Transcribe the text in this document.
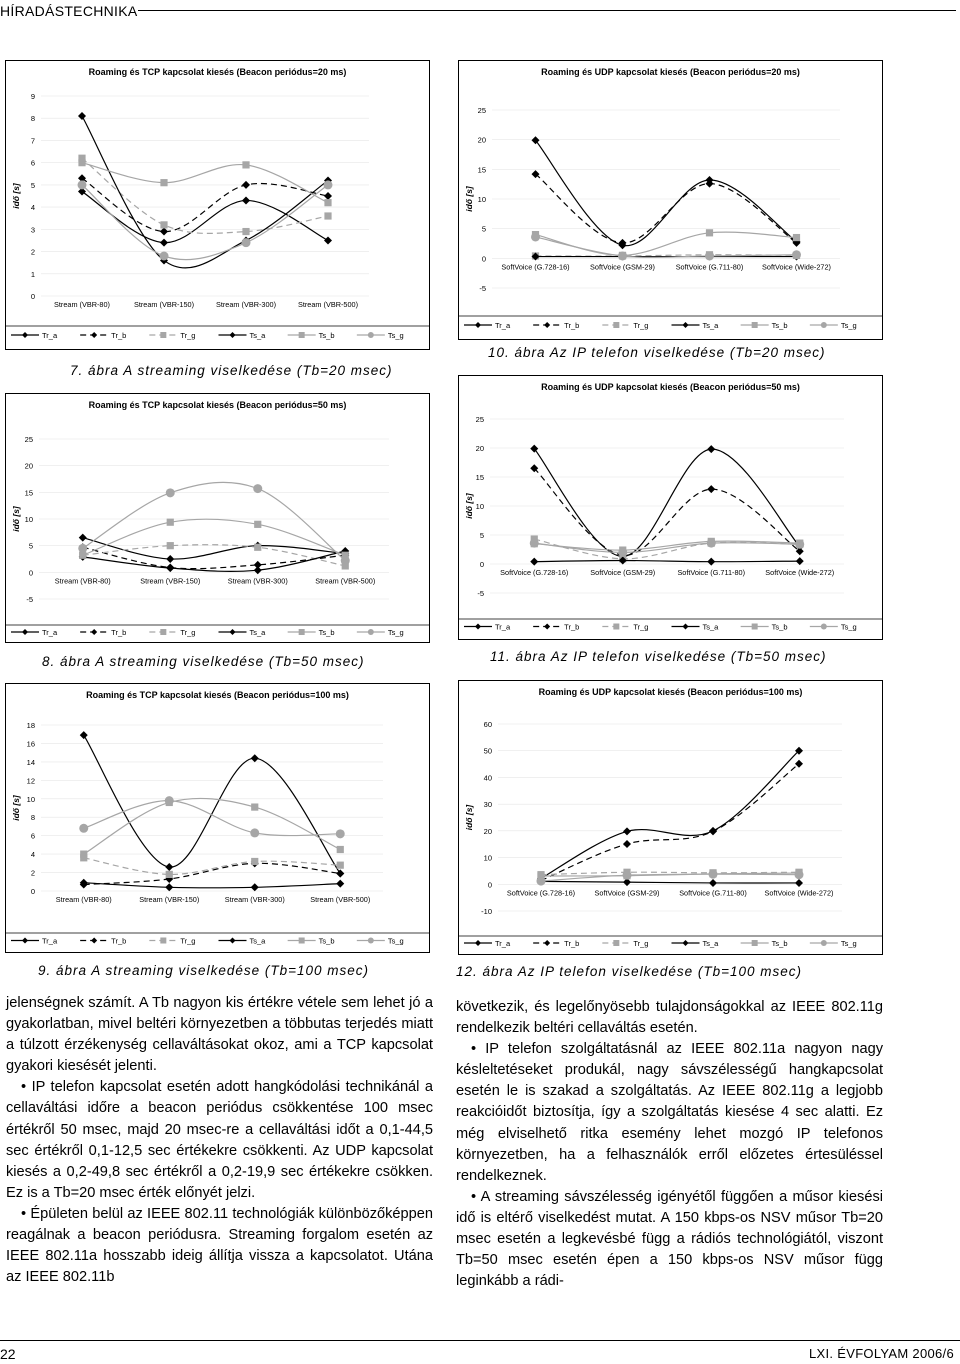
HÍRADÁSTECHNIKA
Roaming és TCP kapcsolat kiesés (Beacon periódus=20 ms)
0
1
2
3
4
5
6
7
8
9
idő [s]
Stream (VBR-80)	Stream (VBR-150)	Stream (VBR-300)	Stream (VBR-500)
Tr_a	Tr_b	Tr_g	Ts_a	Ts_b	Ts_g
7. ábra A streaming viselkedése (Tb=20 msec)
Roaming és UDP kapcsolat kiesés (Beacon periódus=20 ms)
-5
0
5
10
15
20
25
idő [s]
SoftVoice (G.728-16)	SoftVoice (GSM-29)	SoftVoice (G.711-80)	SoftVoice (Wide-272)
Tr_a	Tr_b	Tr_g	Ts_a	Ts_b	Ts_g
10. ábra Az IP telefon viselkedése (Tb=20 msec)
Roaming és TCP kapcsolat kiesés (Beacon periódus=50 ms)
-5
0
5
10
15
20
25
idő [s]
Stream (VBR-80)	Stream (VBR-150)	Stream (VBR-300)	Stream (VBR-500)
Tr_a	Tr_b	Tr_g	Ts_a	Ts_b	Ts_g
8. ábra A streaming viselkedése (Tb=50 msec)
Roaming és UDP kapcsolat kiesés (Beacon periódus=50 ms)
-5
0
5
10
15
20
25
idő [s]
SoftVoice (G.728-16)	SoftVoice (GSM-29)	SoftVoice (G.711-80)	SoftVoice (Wide-272)
Tr_a	Tr_b	Tr_g	Ts_a	Ts_b	Ts_g
11. ábra Az IP telefon viselkedése (Tb=50 msec)
Roaming és TCP kapcsolat kiesés (Beacon periódus=100 ms)
0
2
4
6
8
10
12
14
16
18
idő [s]
Stream (VBR-80)	Stream (VBR-150)	Stream (VBR-300)	Stream (VBR-500)
Tr_a	Tr_b	Tr_g	Ts_a	Ts_b	Ts_g
9. ábra A streaming viselkedése (Tb=100 msec)
Roaming és UDP kapcsolat kiesés (Beacon periódus=100 ms)
-10
0
10
20
30
40
50
60
idő [s]
SoftVoice (G.728-16)	SoftVoice (GSM-29)	SoftVoice (G.711-80) SoftVoice (Wide-272)
Tr_a	Tr_b	Tr_g	Ts_a	Ts_b	Ts_g
12. ábra Az IP telefon viselkedése (Tb=100 msec)

jelenségnek számít. A Tb nagyon kis értékre vétele sem lehet jó a gyakorlatban, mivel beltéri környezetben a többutas terjedés miatt a túlzott érzékenység cellaváltásokat okoz, ami a TCP kapcsolat gyakori kiesését jelenti.

• IP telefon kapcsolat esetén adott hangkódolási technikánál a cellaváltási időre a beacon periódus csökkentése 100 msec értékről 50 msec, majd 20 msec-re a cellaváltási időt a 0,1-44,5 sec értékről 0,1-12,5 sec értékekre csökkenti. Az UDP kapcsolat kiesés a 0,2-49,8 sec értékről a 0,2-19,9 sec értékekre csökken. Ez is a Tb=20 msec érték előnyét jelzi.

• Épületen belül az IEEE 802.11 technológiák különbözőképpen reagálnak a beacon periódusra. Streaming forgalom esetén az IEEE 802.11a hosszabb ideig állítja vissza a kapcsolatot. Utána az IEEE 802.11b

következik, és legelőnyösebb tulajdonságokkal az IEEE 802.11g rendelkezik beltéri cellaváltás esetén.

• IP telefon szolgáltatásnál az IEEE 802.11a nagyon nagy késleltetéseket produkál, nagy sávszélességű hangkapcsolat esetén le is szakad a szolgáltatás. Az IEEE 802.11g a legjobb reakcióidőt biztosítja, így a szolgáltatás kiesése 4 sec alatti. Ez még elviselhető ritka esemény lehet mozgó IP telefonos környezetben, ha a felhasználók erről előzetes értesüléssel rendelkeznek.

• A streaming sávszélesség igényétől függően a műsor kiesési idő is eltérő viselkedést mutat. A 150 kbps-os NSV műsor Tb=20 msec esetén a legkevésbé függ a rádiós technológiától, viszont Tb=50 msec esetén épen a 150 kbps-os NSV műsor függ leginkább a rádi-

22	LXI. ÉVFOLYAM 2006/6
